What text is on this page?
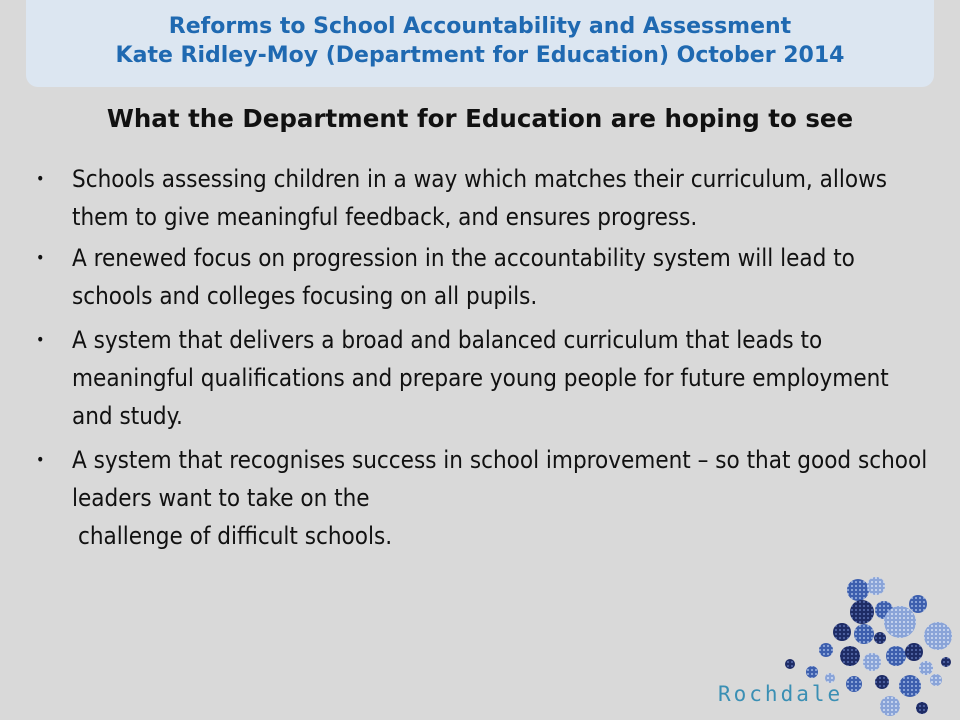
Reforms to School Accountability and Assessment
Kate Ridley-Moy (Department for Education) October 2014
What the Department for Education are hoping to see
• Schools assessing children in a way which matches their curriculum, allows them to give meaningful feedback, and ensures progress.
• A renewed focus on progression in the accountability system will lead to schools and colleges focusing on all pupils.
• A system that delivers a broad and balanced curriculum that leads to meaningful qualifications and prepare young people for future employment and study.
• A system that recognises success in school improvement – so that good school leaders want to take on the
challenge of difficult schools.
Rochdale
